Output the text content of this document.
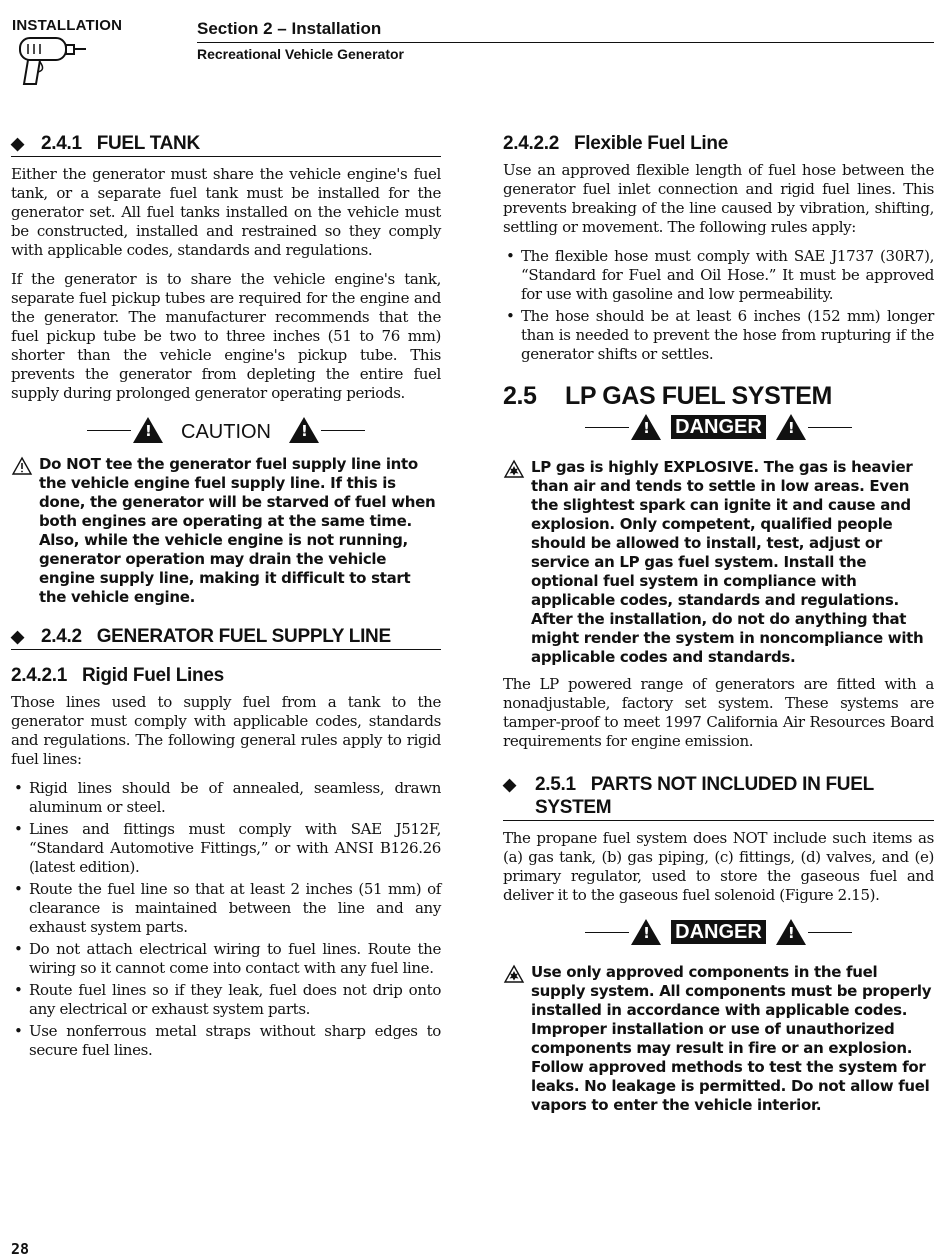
INSTALLATION	Section 2 – Installation
Recreational Vehicle Generator
◆ 2.4.1   FUEL TANK

Either the generator must share the vehicle engine's fuel tank, or a separate fuel tank must be installed for the generator set. All fuel tanks installed on the vehicle must be constructed, installed and restrained so they comply with applicable codes, standards and regulations.

If the generator is to share the vehicle engine's tank, separate fuel pickup tubes are required for the engine and the generator. The manufacturer recommends that the fuel pickup tube be two to three inches (51 to 76 mm) shorter than the vehicle engine's pickup tube. This prevents the generator from depleting the entire fuel supply during prolonged generator operating periods.

! CAUTION !
Do NOT tee the generator fuel supply line into the vehicle engine fuel supply line. If this is done, the generator will be starved of fuel when both engines are operating at the same time. Also, while the vehicle engine is not running, generator operation may drain the vehicle engine supply line, making it difficult to start the vehicle engine.
◆ 2.4.2   GENERATOR FUEL SUPPLY LINE
2.4.2.1   Rigid Fuel Lines

Those lines used to supply fuel from a tank to the generator must comply with applicable codes, standards and regulations. The following general rules apply to rigid fuel lines:

• Rigid lines should be of annealed, seamless, drawn aluminum or steel.
• Lines and fittings must comply with SAE J512F, “Standard Automotive Fittings,” or with ANSI B126.26 (latest edition).
• Route the fuel line so that at least 2 inches (51 mm) of clearance is maintained between the line and any exhaust system parts.
• Do not attach electrical wiring to fuel lines. Route the wiring so it cannot come into contact with any fuel line.
• Route fuel lines so if they leak, fuel does not drip onto any electrical or exhaust system parts.
• Use nonferrous metal straps without sharp edges to secure fuel lines.
2.4.2.2   Flexible Fuel Line

Use an approved flexible length of fuel hose between the generator fuel inlet connection and rigid fuel lines. This prevents breaking of the line caused by vibration, shifting, settling or movement. The following rules apply:

• The flexible hose must comply with SAE J1737 (30R7), “Standard for Fuel and Oil Hose.” It must be approved for use with gasoline and low permeability.
• The hose should be at least 6 inches (152 mm) longer than is needed to prevent the hose from rupturing if the generator shifts or settles.
2.5 LP GAS FUEL SYSTEM
! DANGER !
LP gas is highly EXPLOSIVE. The gas is heavier than air and tends to settle in low areas. Even the slightest spark can ignite it and cause and explosion. Only competent, qualified people should be allowed to install, test, adjust or service an LP gas fuel system. Install the optional fuel system in compliance with applicable codes, standards and regulations. After the installation, do not do anything that might render the system in noncompliance with applicable codes and standards.

The LP powered range of generators are fitted with a nonadjustable, factory set system. These systems are tamper-proof to meet 1997 California Air Resources Board requirements for engine emission.

◆	2.5.1   PARTS NOT INCLUDED IN FUEL SYSTEM

The propane fuel system does NOT include such items as (a) gas tank, (b) gas piping, (c) fittings, (d) valves, and (e) primary regulator, used to store the gaseous fuel and deliver it to the gaseous fuel solenoid (Figure 2.15).

! DANGER !
Use only approved components in the fuel supply system. All components must be properly installed in accordance with applicable codes. Improper installation or use of unauthorized components may result in fire or an explosion. Follow approved methods to test the system for leaks. No leakage is permitted. Do not allow fuel vapors to enter the vehicle interior.
28
